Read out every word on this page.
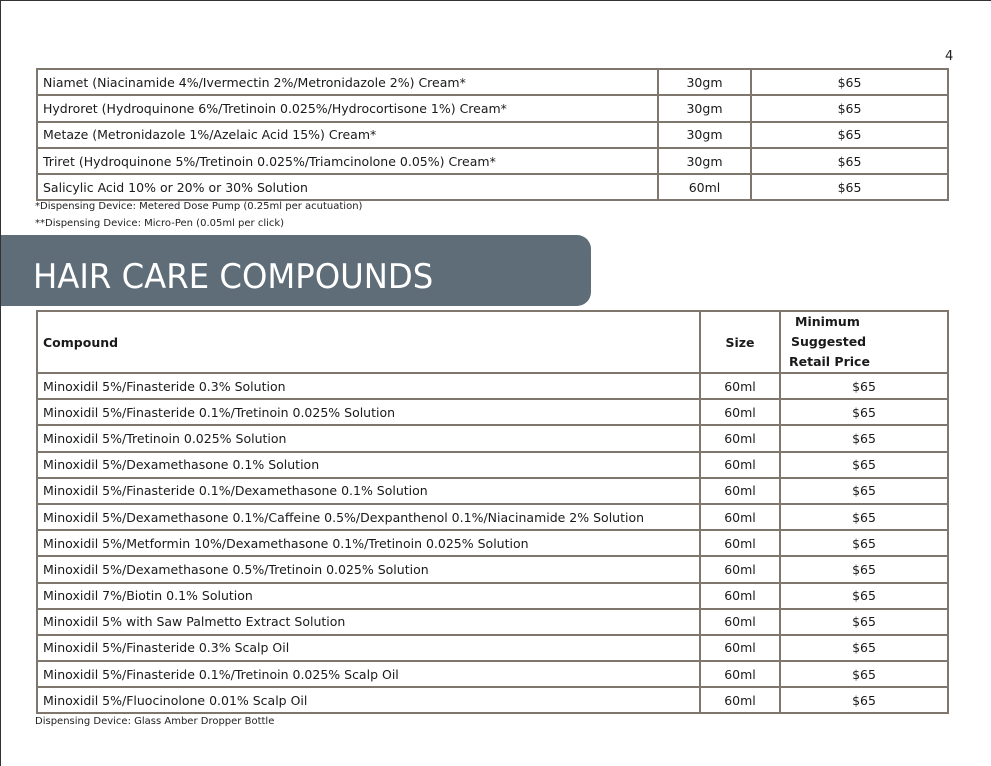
4
Niamet (Niacinamide 4%/Ivermectin 2%/Metronidazole 2%) Cream*	30gm	$65
Hydroret (Hydroquinone 6%/Tretinoin 0.025%/Hydrocortisone 1%) Cream*	30gm	$65
Metaze (Metronidazole 1%/Azelaic Acid 15%) Cream*	30gm	$65
Triret (Hydroquinone 5%/Tretinoin 0.025%/Triamcinolone 0.05%) Cream*	30gm	$65
Salicylic Acid 10% or 20% or 30% Solution	60ml	$65
*Dispensing Device: Metered Dose Pump (0.25ml per acutuation)
**Dispensing Device: Micro-Pen (0.05ml per click)
HAIR CARE COMPOUNDS
Compound	Size	Minimum
Suggested
Retail Price

Minoxidil 5%/Finasteride 0.3% Solution	60ml	$65
Minoxidil 5%/Finasteride 0.1%/Tretinoin 0.025% Solution	60ml	$65
Minoxidil 5%/Tretinoin 0.025% Solution	60ml	$65
Minoxidil 5%/Dexamethasone 0.1% Solution	60ml	$65
Minoxidil 5%/Finasteride 0.1%/Dexamethasone 0.1% Solution	60ml	$65
Minoxidil 5%/Dexamethasone 0.1%/Caffeine 0.5%/Dexpanthenol 0.1%/Niacinamide 2% Solution	60ml	$65
Minoxidil 5%/Metformin 10%/Dexamethasone 0.1%/Tretinoin 0.025% Solution	60ml	$65
Minoxidil 5%/Dexamethasone 0.5%/Tretinoin 0.025% Solution	60ml	$65
Minoxidil 7%/Biotin 0.1% Solution	60ml	$65
Minoxidil 5% with Saw Palmetto Extract Solution	60ml	$65
Minoxidil 5%/Finasteride 0.3% Scalp Oil	60ml	$65
Minoxidil 5%/Finasteride 0.1%/Tretinoin 0.025% Scalp Oil	60ml	$65
Minoxidil 5%/Fluocinolone 0.01% Scalp Oil	60ml	$65
Dispensing Device: Glass Amber Dropper Bottle
